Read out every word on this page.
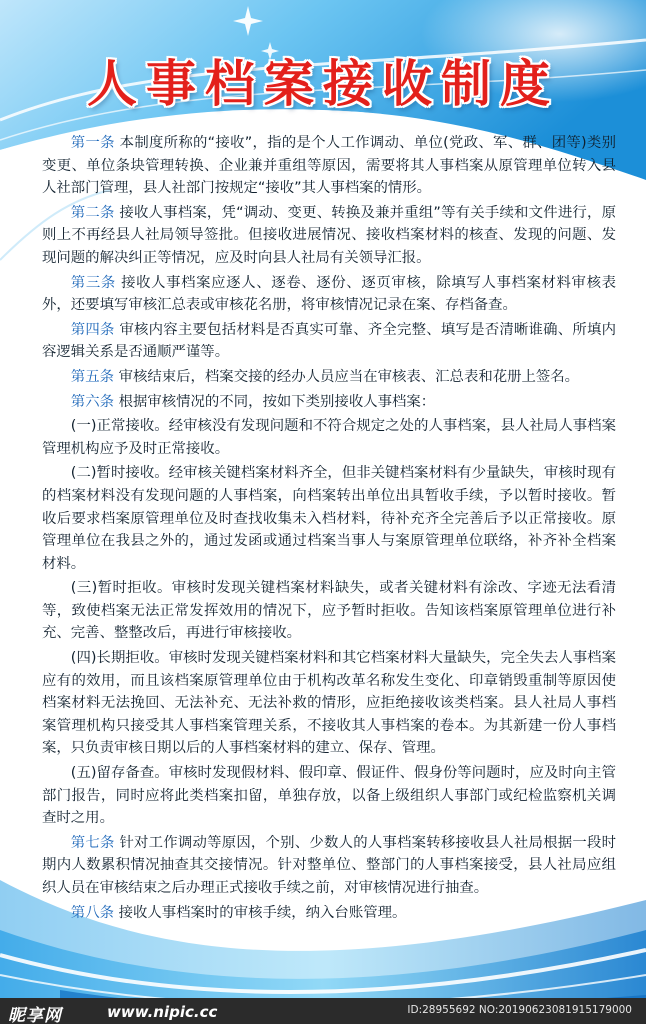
人事档案接收制度

第一条 本制度所称的“接收”，指的是个人工作调动、单位(党政、军、群、团等)类别变更、单位条块管理转换、企业兼并重组等原因，需要将其人事档案从原管理单位转入县人社部门管理，县人社部门按规定“接收”其人事档案的情形。

第二条 接收人事档案，凭“调动、变更、转换及兼并重组”等有关手续和文件进行，原则上不再经县人社局领导签批。但接收进展情况、接收档案材料的核查、发现的问题、发现问题的解决纠正等情况，应及时向县人社局有关领导汇报。

第三条 接收人事档案应逐人、逐卷、逐份、逐页审核，除填写人事档案材料审核表外，还要填写审核汇总表或审核花名册，将审核情况记录在案、存档备查。

第四条 审核内容主要包括材料是否真实可靠、齐全完整、填写是否清晰谁确、所填内容逻辑关系是否通顺严谨等。

第五条 审核结束后，档案交接的经办人员应当在审核表、汇总表和花册上签名。

第六条 根据审核情况的不同，按如下类别接收人事档案：

(一)正常接收。经审核没有发现问题和不符合规定之处的人事档案，县人社局人事档案管理机构应予及时正常接收。

(二)暂时接收。经审核关键档案材料齐全，但非关键档案材料有少量缺失，审核时现有的档案材料没有发现问题的人事档案，向档案转出单位出具暂收手续，予以暂时接收。暂收后要求档案原管理单位及时查找收集未入档材料，待补充齐全完善后予以正常接收。原管理单位在我县之外的，通过发函或通过档案当事人与案原管理单位联络，补齐补全档案材料。

(三)暂时拒收。审核时发现关键档案材料缺失，或者关键材料有涂改、字迹无法看清等，致使档案无法正常发挥效用的情况下，应予暂时拒收。告知该档案原管理单位进行补充、完善、整整改后，再进行审核接收。

(四)长期拒收。审核时发现关键档案材料和其它档案材料大量缺失，完全失去人事档案应有的效用，而且该档案原管理单位由于机构改革名称发生变化、印章销毁重制等原因使档案材料无法挽回、无法补充、无法补救的情形，应拒绝接收该类档案。县人社局人事档案管理机构只接受其人事档案管理关系，不接收其人事档案的卷本。为其新建一份人事档案，只负责审核日期以后的人事档案材料的建立、保存、管理。

(五)留存备查。审核时发现假材料、假印章、假证件、假身份等问题时，应及时向主管部门报告，同时应将此类档案扣留，单独存放，以备上级组织人事部门或纪检监察机关调查时之用。

第七条 针对工作调动等原因，个别、少数人的人事档案转移接收县人社局根据一段时期内人数累积情况抽查其交接情况。针对整单位、整部门的人事档案接受，县人社局应组织人员在审核结束之后办理正式接收手续之前，对审核情况进行抽查。

第八条 接收人事档案时的审核手续，纳入台账管理。

昵享网	www.nipic.cc	ID:28955692 NO:20190623081915179000
